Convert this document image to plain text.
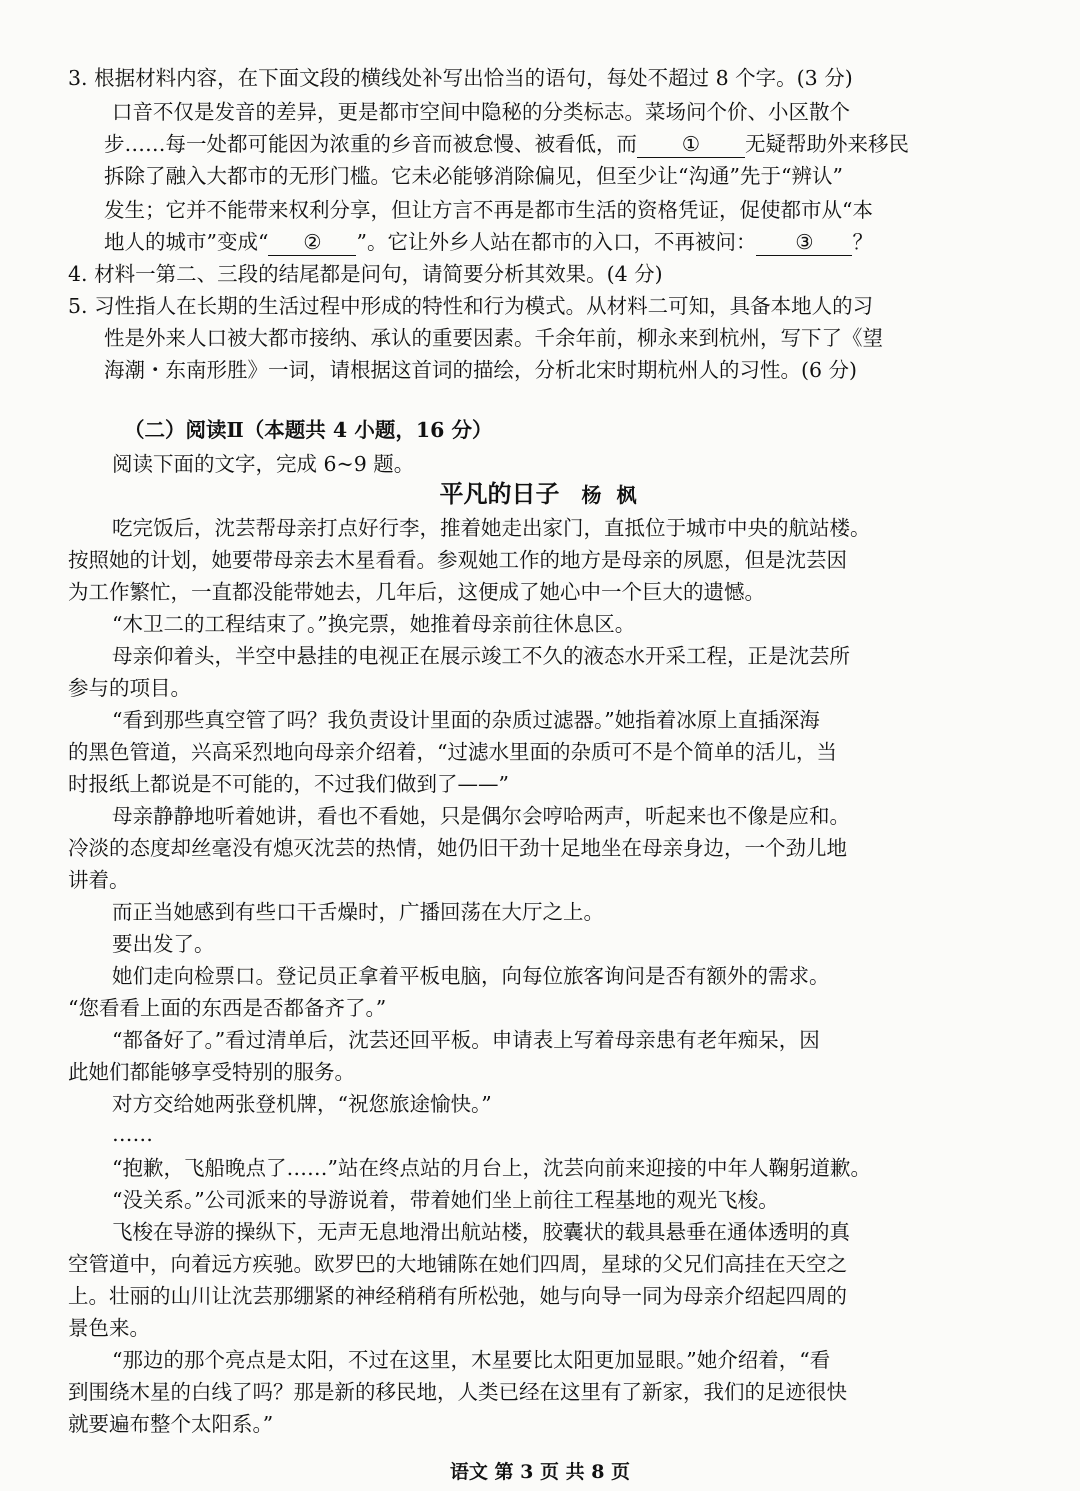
3. 根据材料内容，在下面文段的横线处补写出恰当的语句，每处不超过 8 个字。(3 分)
口音不仅是发音的差异，更是都市空间中隐秘的分类标志。菜场问个价、小区散个
步……每一处都可能因为浓重的乡音而被怠慢、被看低，而 ① 无疑帮助外来移民
拆除了融入大都市的无形门槛。它未必能够消除偏见，但至少让“沟通”先于“辨认”
发生；它并不能带来权利分享，但让方言不再是都市生活的资格凭证，促使都市从“本
地人的城市”变成“ ② ”。它让外乡人站在都市的入口，不再被问： ③ ？
4. 材料一第二、三段的结尾都是问句，请简要分析其效果。(4 分)
5. 习性指人在长期的生活过程中形成的特性和行为模式。从材料二可知，具备本地人的习
性是外来人口被大都市接纳、承认的重要因素。千余年前，柳永来到杭州，写下了《望
海潮・东南形胜》一词，请根据这首词的描绘，分析北宋时期杭州人的习性。(6 分)
（二）阅读Ⅱ（本题共 4 小题，16 分）
阅读下面的文字，完成 6~9 题。
平凡的日子 杨 枫
吃完饭后，沈芸帮母亲打点好行李，推着她走出家门，直抵位于城市中央的航站楼。
按照她的计划，她要带母亲去木星看看。参观她工作的地方是母亲的夙愿，但是沈芸因
为工作繁忙，一直都没能带她去，几年后，这便成了她心中一个巨大的遗憾。
“木卫二的工程结束了。”换完票，她推着母亲前往休息区。
母亲仰着头，半空中悬挂的电视正在展示竣工不久的液态水开采工程，正是沈芸所
参与的项目。
“看到那些真空管了吗？我负责设计里面的杂质过滤器。”她指着冰原上直插深海
的黑色管道，兴高采烈地向母亲介绍着，“过滤水里面的杂质可不是个简单的活儿，当
时报纸上都说是不可能的，不过我们做到了——”
母亲静静地听着她讲，看也不看她，只是偶尔会哼哈两声，听起来也不像是应和。
冷淡的态度却丝毫没有熄灭沈芸的热情，她仍旧干劲十足地坐在母亲身边，一个劲儿地
讲着。
而正当她感到有些口干舌燥时，广播回荡在大厅之上。
要出发了。
她们走向检票口。登记员正拿着平板电脑，向每位旅客询问是否有额外的需求。
“您看看上面的东西是否都备齐了。”
“都备好了。”看过清单后，沈芸还回平板。申请表上写着母亲患有老年痴呆，因
此她们都能够享受特别的服务。
对方交给她两张登机牌，“祝您旅途愉快。”
……
“抱歉，飞船晚点了……”站在终点站的月台上，沈芸向前来迎接的中年人鞠躬道歉。
“没关系。”公司派来的导游说着，带着她们坐上前往工程基地的观光飞梭。
飞梭在导游的操纵下，无声无息地滑出航站楼，胶囊状的载具悬垂在通体透明的真
空管道中，向着远方疾驰。欧罗巴的大地铺陈在她们四周，星球的父兄们高挂在天空之
上。壮丽的山川让沈芸那绷紧的神经稍稍有所松弛，她与向导一同为母亲介绍起四周的
景色来。
“那边的那个亮点是太阳，不过在这里，木星要比太阳更加显眼。”她介绍着，“看
到围绕木星的白线了吗？那是新的移民地，人类已经在这里有了新家，我们的足迹很快
就要遍布整个太阳系。”
语文 第 3 页 共 8 页
